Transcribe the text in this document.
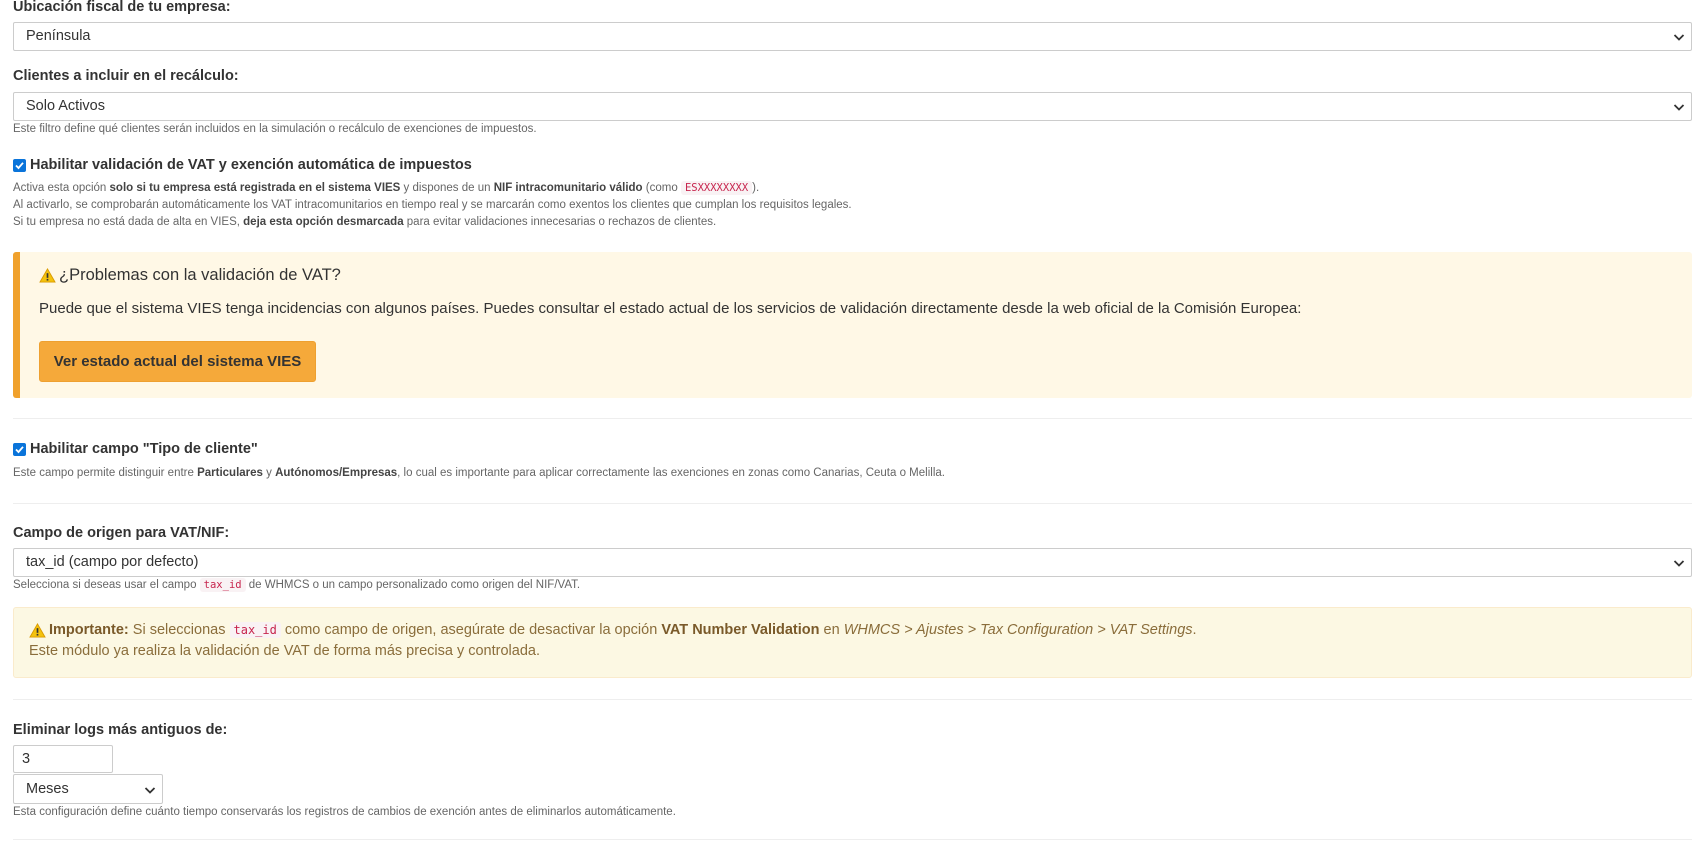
Ubicación fiscal de tu empresa:
Península
Clientes a incluir en el recálculo:
Solo Activos
Este filtro define qué clientes serán incluidos en la simulación o recálculo de exenciones de impuestos.
Habilitar validación de VAT y exención automática de impuestos
Activa esta opción solo si tu empresa está registrada en el sistema VIES y dispones de un NIF intracomunitario válido (como ESXXXXXXXX ).
Al activarlo, se comprobarán automáticamente los VAT intracomunitarios en tiempo real y se marcarán como exentos los clientes que cumplan los requisitos legales.
Si tu empresa no está dada de alta en VIES, deja esta opción desmarcada para evitar validaciones innecesarias o rechazos de clientes.
¿Problemas con la validación de VAT?
Puede que el sistema VIES tenga incidencias con algunos países. Puedes consultar el estado actual de los servicios de validación directamente desde la web oficial de la Comisión Europea:
Ver estado actual del sistema VIES
Habilitar campo "Tipo de cliente"
Este campo permite distinguir entre Particulares y Autónomos/Empresas, lo cual es importante para aplicar correctamente las exenciones en zonas como Canarias, Ceuta o Melilla.
Campo de origen para VAT/NIF:
tax_id (campo por defecto)
Selecciona si deseas usar el campo tax_id de WHMCS o un campo personalizado como origen del NIF/VAT.
Importante: Si seleccionas tax_id como campo de origen, asegúrate de desactivar la opción VAT Number Validation en WHMCS > Ajustes > Tax Configuration > VAT Settings .
Este módulo ya realiza la validación de VAT de forma más precisa y controlada.
Eliminar logs más antiguos de:
3
Meses
Esta configuración define cuánto tiempo conservarás los registros de cambios de exención antes de eliminarlos automáticamente.
